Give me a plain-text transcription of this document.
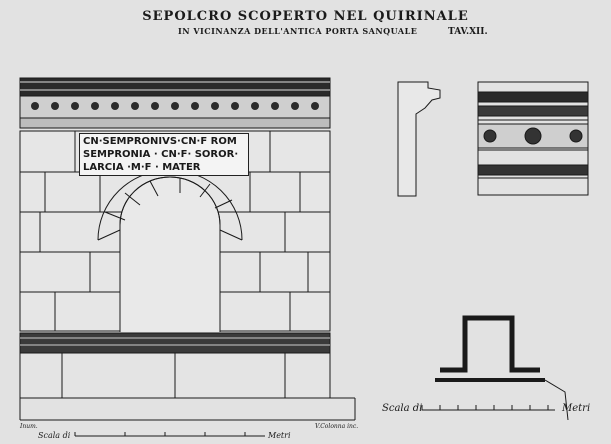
SEPOLCRO SCOPERTO NEL QUIRINALE
IN VICINANZA DELL'ANTICA PORTA SANQUALE	TAV.XII.
CN·SEMPRONIVS·CN·F ROM
SEMPRONIA · CN·F· SOROR·
LARCIA ·M·F · MATER
Scala di	Metri
Scala di	Metri
Inum.	V.Colonna inc.
